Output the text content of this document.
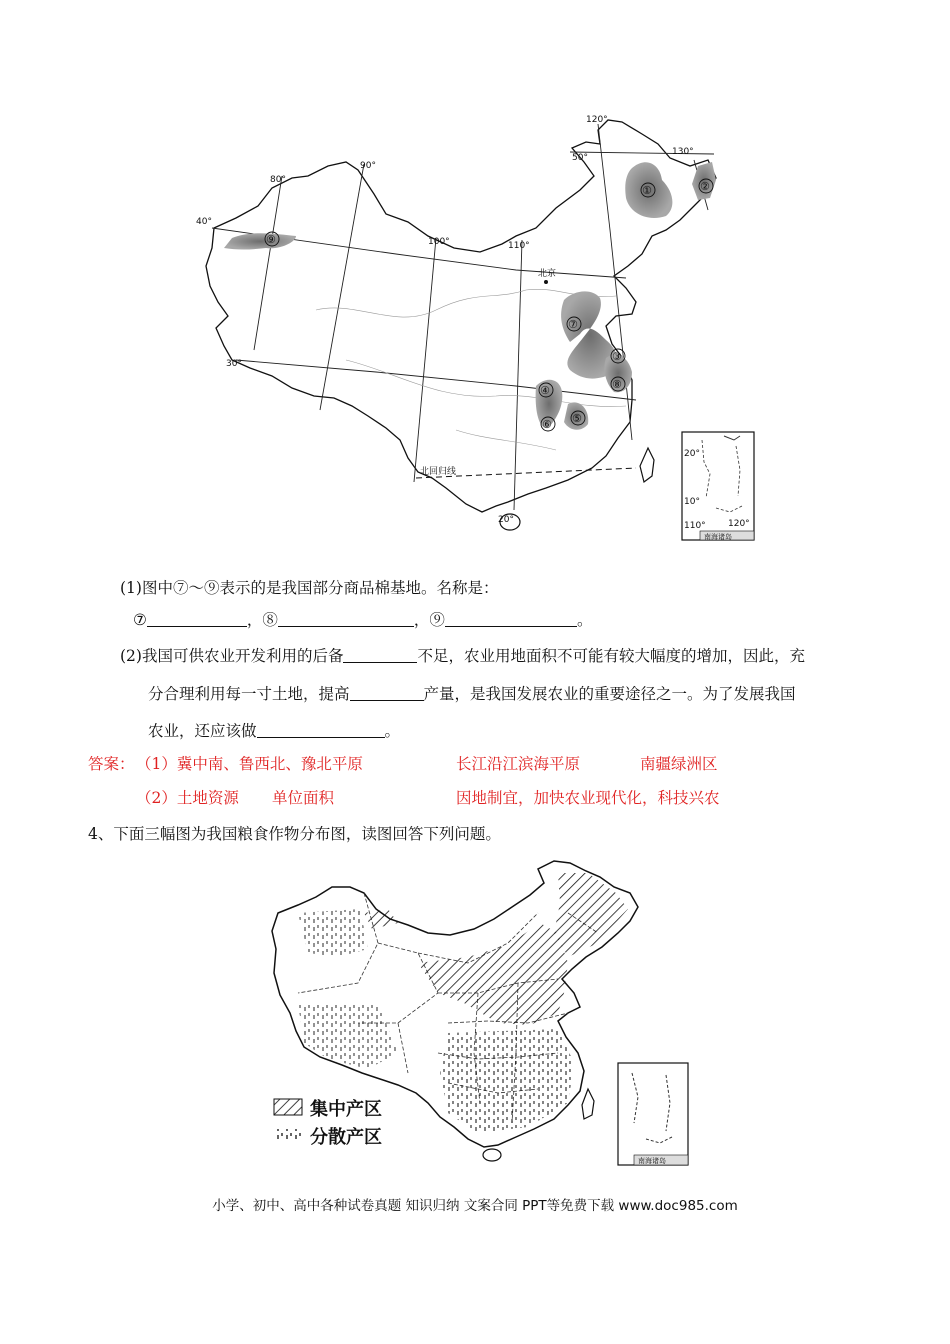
①	②
③
④
⑤
⑥
⑦
⑧
⑨
120°
130°
90°
80°
100°	110°
50°
40°
30°
20°
北京
北回归线
20°
10°
110° 120°
南海诸岛
(1)图中⑦～⑨表示的是我国部分商品棉基地。名称是：
⑦	，⑧	，⑨	。
(2)我国可供农业开发利用的后备	不足，农业用地面积不可能有较大幅度的增加，因此，充
分合理利用每一寸土地，提高	产量，是我国发展农业的重要途径之一。为了发展我国
农业，还应该做	。
答案： （1）冀中南、鲁西北、豫北平原	长江沿江滨海平原	南疆绿洲区
（2）土地资源 单位面积	因地制宜，加快农业现代化，科技兴农
4、下面三幅图为我国粮食作物分布图，读图回答下列问题。
集中产区
分散产区
南海诸岛
小学、初中、高中各种试卷真题 知识归纳 文案合同 PPT等免费下载 www.doc985.com
